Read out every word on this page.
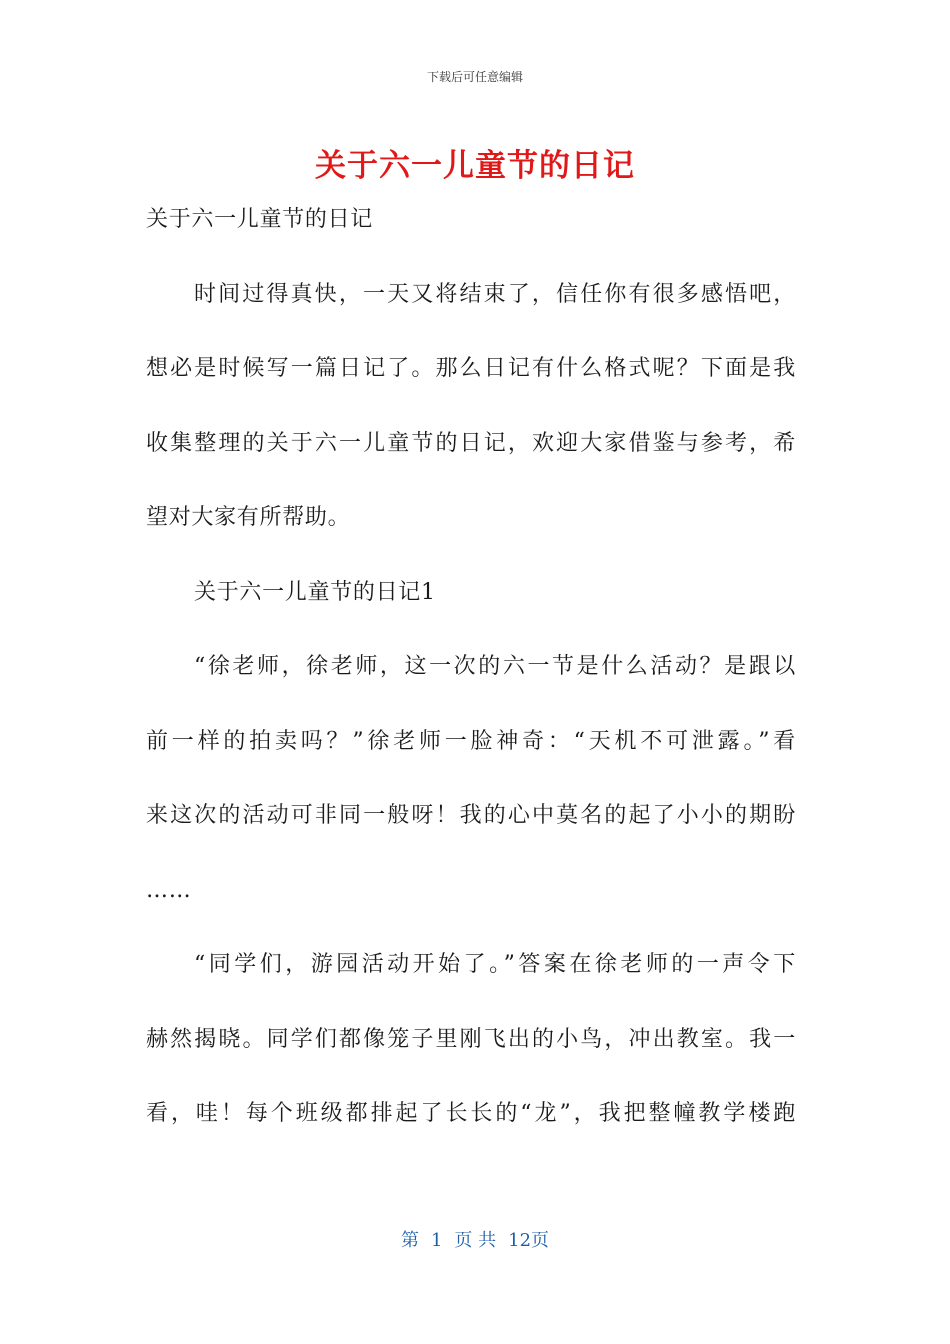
下载后可任意编辑
关于六一儿童节的日记
关于六一儿童节的日记
时间过得真快，一天又将结束了，信任你有很多感悟吧，
想必是时候写一篇日记了。那么日记有什么格式呢？下面是我
收集整理的关于六一儿童节的日记，欢迎大家借鉴与参考，希
望对大家有所帮助。
关于六一儿童节的日记1
“徐老师，徐老师，这一次的六一节是什么活动？是跟以
前一样的拍卖吗？”徐老师一脸神奇：“天机不可泄露。”看
来这次的活动可非同一般呀！我的心中莫名的起了小小的期盼
……
“同学们，游园活动开始了。”答案在徐老师的一声令下
赫然揭晓。同学们都像笼子里刚飞出的小鸟，冲出教室。我一
看，哇！每个班级都排起了长长的“龙”，我把整幢教学楼跑
第 1 页 共 12页
